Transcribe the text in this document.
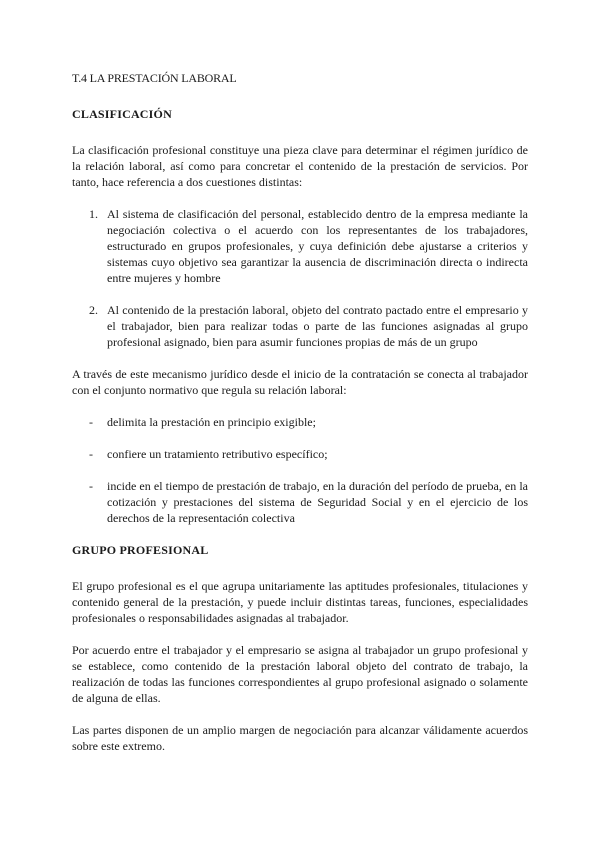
T.4 LA PRESTACIÓN LABORAL
CLASIFICACIÓN

La clasificación profesional constituye una pieza clave para determinar el régimen jurídico de la relación laboral, así como para concretar el contenido de la prestación de servicios. Por tanto, hace referencia a dos cuestiones distintas:

1. Al sistema de clasificación del personal, establecido dentro de la empresa mediante la negociación colectiva o el acuerdo con los representantes de los trabajadores, estructurado en grupos profesionales, y cuya definición debe ajustarse a criterios y sistemas cuyo objetivo sea garantizar la ausencia de discriminación directa o indirecta entre mujeres y hombre
2. Al contenido de la prestación laboral, objeto del contrato pactado entre el empresario y el trabajador, bien para realizar todas o parte de las funciones asignadas al grupo profesional asignado, bien para asumir funciones propias de más de un grupo

A través de este mecanismo jurídico desde el inicio de la contratación se conecta al trabajador con el conjunto normativo que regula su relación laboral:

- delimita la prestación en principio exigible;
- confiere un tratamiento retributivo específico;
- incide en el tiempo de prestación de trabajo, en la duración del período de prueba, en la cotización y prestaciones del sistema de Seguridad Social y en el ejercicio de los derechos de la representación colectiva
GRUPO PROFESIONAL

El grupo profesional es el que agrupa unitariamente las aptitudes profesionales, titulaciones y contenido general de la prestación, y puede incluir distintas tareas, funciones, especialidades profesionales o responsabilidades asignadas al trabajador.

Por acuerdo entre el trabajador y el empresario se asigna al trabajador un grupo profesional y se establece, como contenido de la prestación laboral objeto del contrato de trabajo, la realización de todas las funciones correspondientes al grupo profesional asignado o solamente de alguna de ellas.

Las partes disponen de un amplio margen de negociación para alcanzar válidamente acuerdos sobre este extremo.
